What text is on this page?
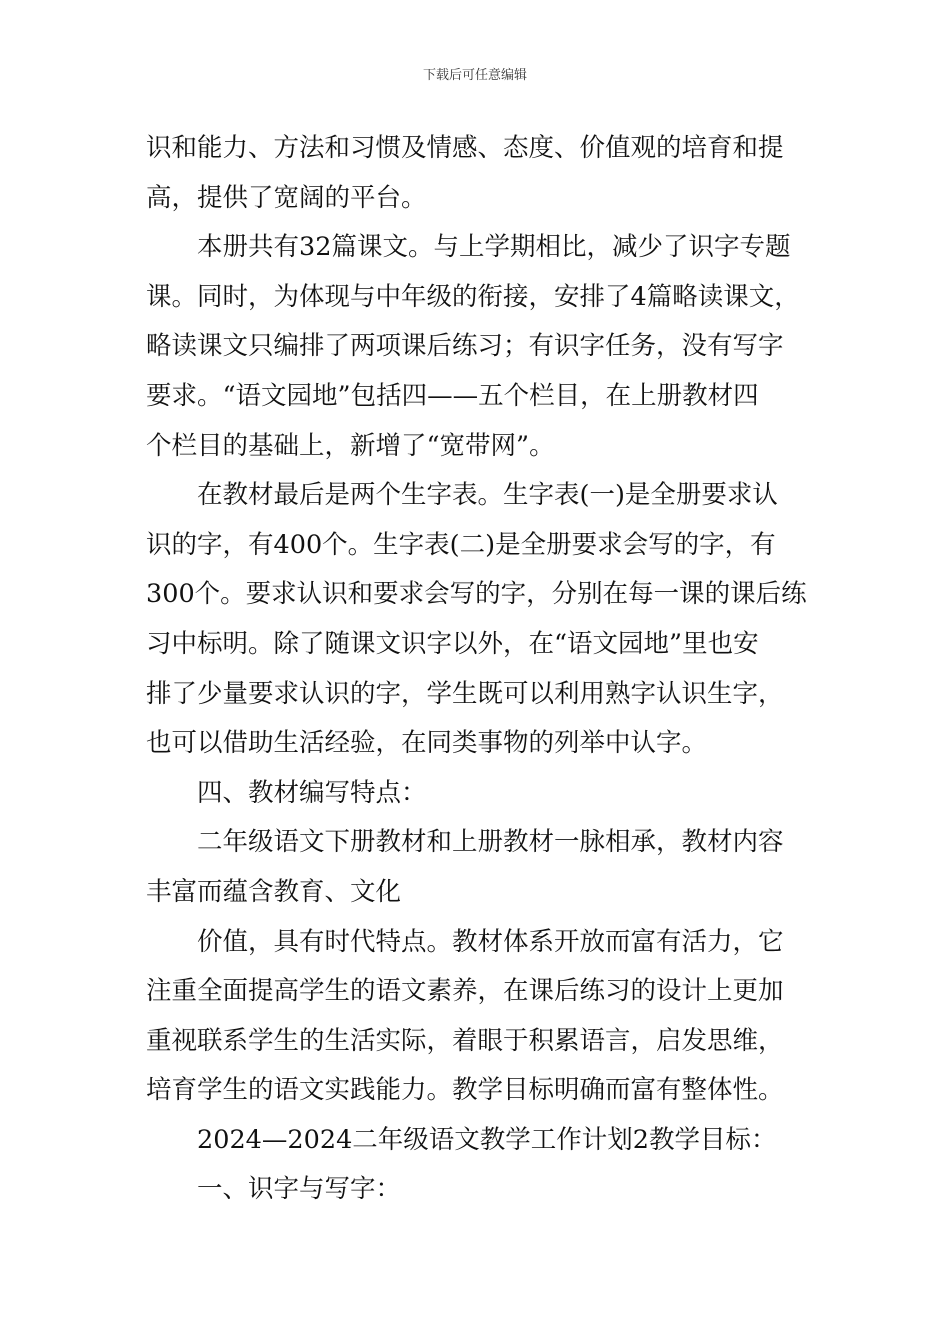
下载后可任意编辑

识和能力、方法和习惯及情感、态度、价值观的培育和提
高，提供了宽阔的平台。

本册共有32篇课文。与上学期相比，减少了识字专题
课。同时，为体现与中年级的衔接，安排了4篇略读课文，
略读课文只编排了两项课后练习；有识字任务，没有写字
要求。“语文园地”包括四——五个栏目，在上册教材四
个栏目的基础上，新增了“宽带网”。

在教材最后是两个生字表。生字表(一)是全册要求认
识的字，有400个。生字表(二)是全册要求会写的字，有
300个。要求认识和要求会写的字，分别在每一课的课后练
习中标明。除了随课文识字以外，在“语文园地”里也安
排了少量要求认识的字，学生既可以利用熟字认识生字，
也可以借助生活经验，在同类事物的列举中认字。

四、教材编写特点：

二年级语文下册教材和上册教材一脉相承，教材内容
丰富而蕴含教育、文化

价值，具有时代特点。教材体系开放而富有活力，它
注重全面提高学生的语文素养，在课后练习的设计上更加
重视联系学生的生活实际，着眼于积累语言，启发思维，
培育学生的语文实践能力。教学目标明确而富有整体性。

2024—2024二年级语文教学工作计划2教学目标：

一、识字与写字：
